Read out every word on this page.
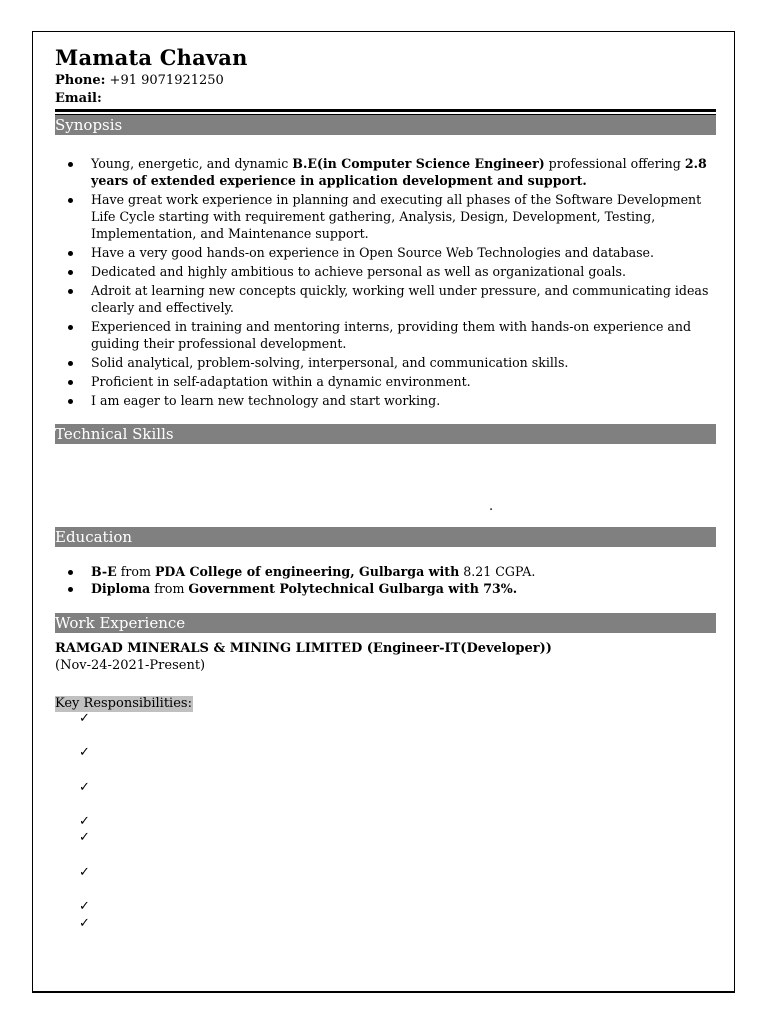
Mamata Chavan
Phone: +91 9071921250
Email:
Synopsis
Young, energetic, and dynamic B.E(in Computer Science Engineer) professional offering 2.8 years of extended experience in application development and support.
Have great work experience in planning and executing all phases of the Software Development Life Cycle starting with requirement gathering, Analysis, Design, Development, Testing, Implementation, and Maintenance support.
Have a very good hands-on experience in Open Source Web Technologies and database.
Dedicated and highly ambitious to achieve personal as well as organizational goals.
Adroit at learning new concepts quickly, working well under pressure, and communicating ideas clearly and effectively.
Experienced in training and mentoring interns, providing them with hands-on experience and guiding their professional development.
Solid analytical, problem-solving, interpersonal, and communication skills.
Proficient in self-adaptation within a dynamic environment.
I am eager to learn new technology and start working.
Technical Skills
Education
B-E from PDA College of engineering, Gulbarga with 8.21 CGPA.
Diploma from Government Polytechnical Gulbarga with 73%.
Work Experience
RAMGAD MINERALS & MINING LIMITED (Engineer-IT(Developer))
(Nov-24-2021-Present)
Key Responsibilities:
.
✓
✓
✓
✓
✓
✓
✓
✓
